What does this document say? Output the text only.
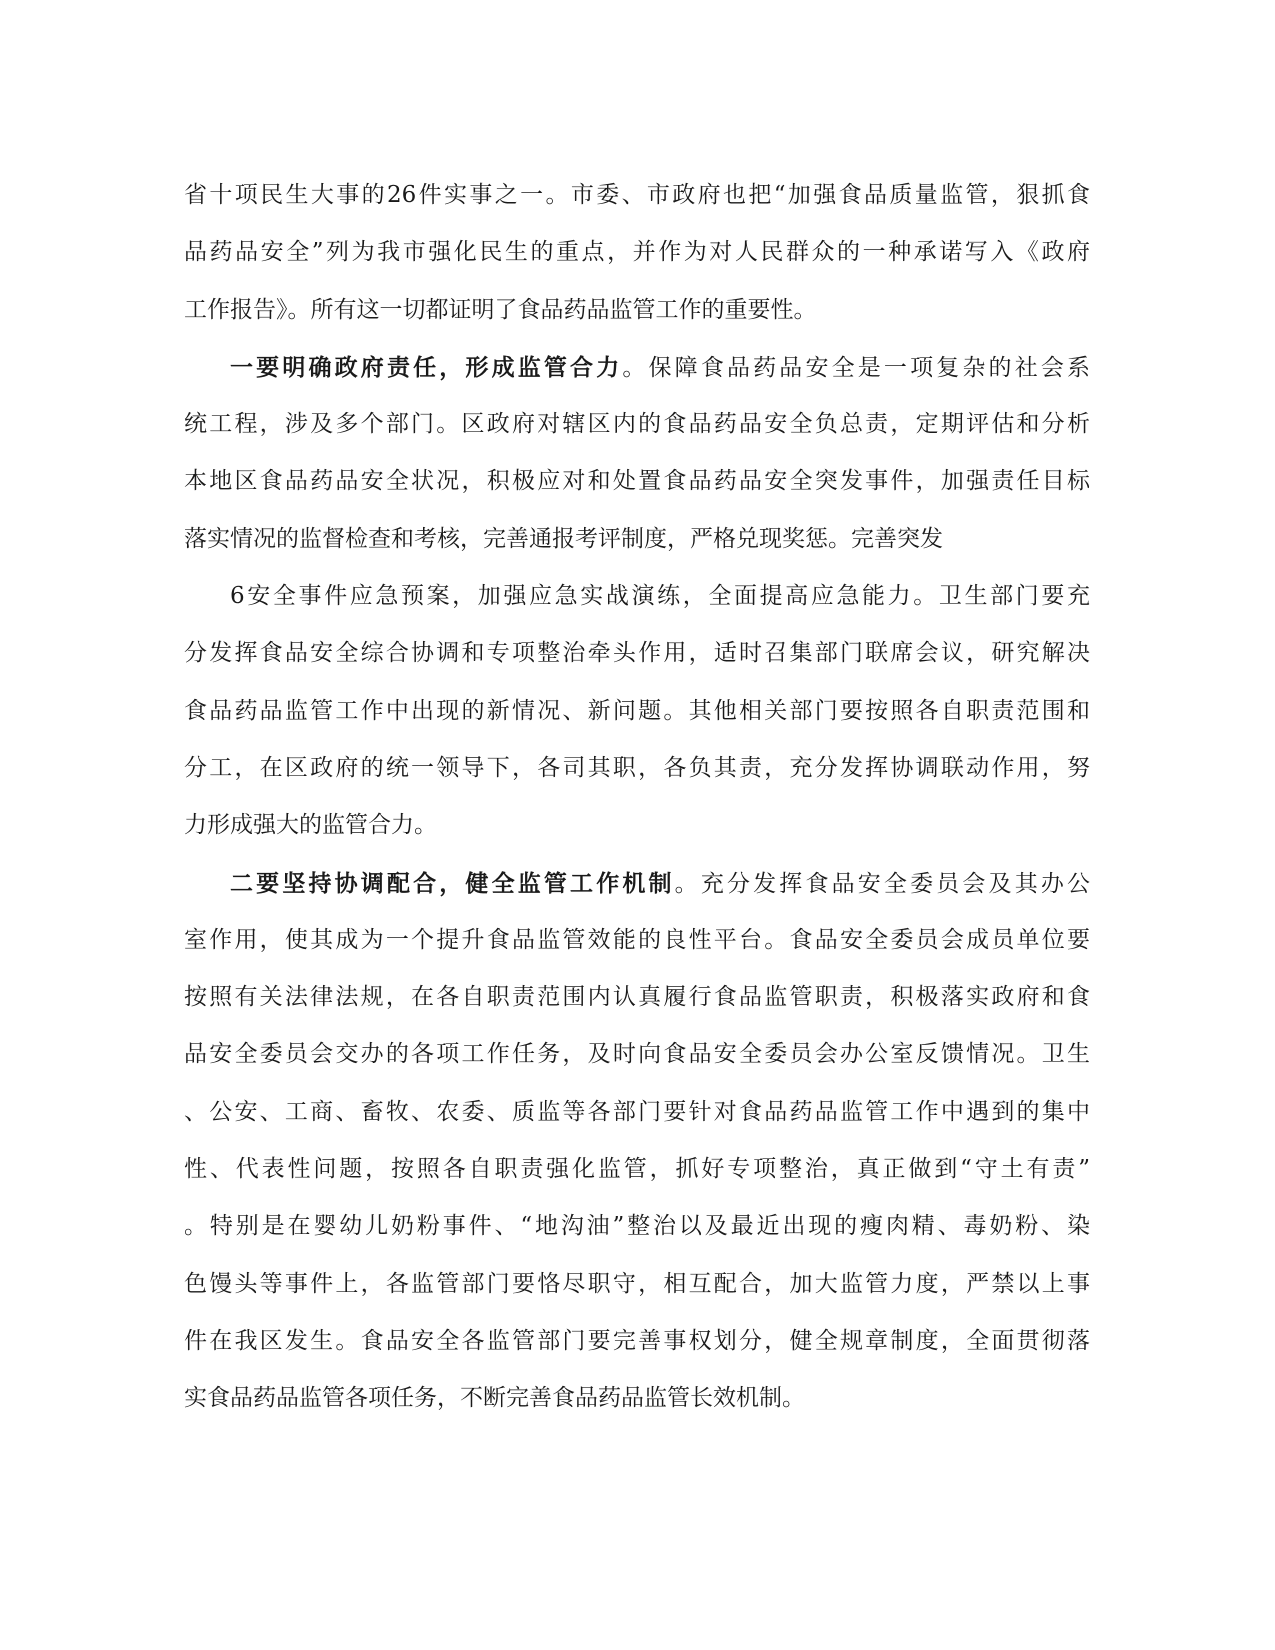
省十项民生大事的26件实事之一。市委、市政府也把“加强食品质量监管，狠抓食
品药品安全”列为我市强化民生的重点，并作为对人民群众的一种承诺写入《政府
工作报告》。所有这一切都证明了食品药品监管工作的重要性。
一要明确政府责任，形成监管合力。保障食品药品安全是一项复杂的社会系
统工程，涉及多个部门。区政府对辖区内的食品药品安全负总责，定期评估和分析
本地区食品药品安全状况，积极应对和处置食品药品安全突发事件，加强责任目标
落实情况的监督检查和考核，完善通报考评制度，严格兑现奖惩。完善突发
6安全事件应急预案，加强应急实战演练，全面提高应急能力。卫生部门要充
分发挥食品安全综合协调和专项整治牵头作用，适时召集部门联席会议，研究解决
食品药品监管工作中出现的新情况、新问题。其他相关部门要按照各自职责范围和
分工，在区政府的统一领导下，各司其职，各负其责，充分发挥协调联动作用，努
力形成强大的监管合力。
二要坚持协调配合，健全监管工作机制。充分发挥食品安全委员会及其办公
室作用，使其成为一个提升食品监管效能的良性平台。食品安全委员会成员单位要
按照有关法律法规，在各自职责范围内认真履行食品监管职责，积极落实政府和食
品安全委员会交办的各项工作任务，及时向食品安全委员会办公室反馈情况。卫生
、公安、工商、畜牧、农委、质监等各部门要针对食品药品监管工作中遇到的集中
性、代表性问题，按照各自职责强化监管，抓好专项整治，真正做到“守土有责”
。特别是在婴幼儿奶粉事件、“地沟油”整治以及最近出现的瘦肉精、毒奶粉、染
色馒头等事件上，各监管部门要恪尽职守，相互配合，加大监管力度，严禁以上事
件在我区发生。食品安全各监管部门要完善事权划分，健全规章制度，全面贯彻落
实食品药品监管各项任务，不断完善食品药品监管长效机制。
